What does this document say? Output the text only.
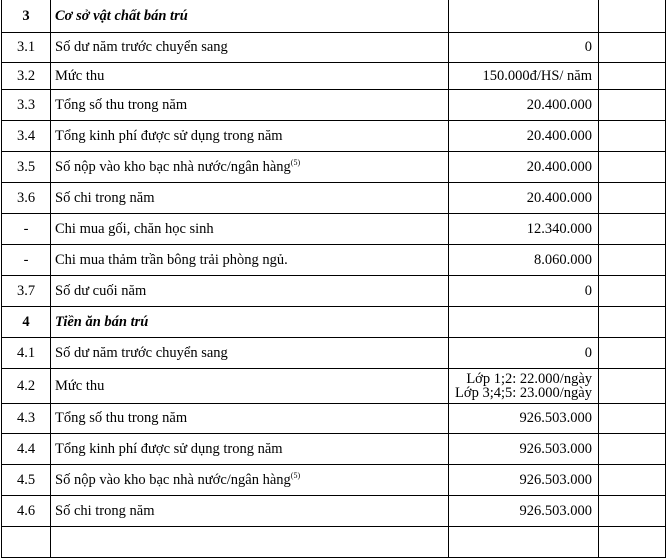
3	Cơ sở vật chất bán trú		
3.1	Số dư năm trước chuyển sang	0	
3.2	Mức thu	150.000đ/HS/ năm	
3.3	Tổng số thu trong năm	20.400.000	
3.4	Tổng kinh phí được sử dụng trong năm	20.400.000	
3.5	Số nộp vào kho bạc nhà nước/ngân hàng$^{(5)}$	20.400.000	
3.6	Số chi trong năm	20.400.000	
-	Chi mua gối, chăn học sinh	12.340.000	
-	Chi mua thảm trần bông trải phòng ngủ.	8.060.000	
3.7	Số dư cuối năm	0	
4	Tiền ăn bán trú		
4.1	Số dư năm trước chuyển sang	0	
4.2	Mức thu	Lớp 1;2: 22.000/ngày
Lớp 3;4;5: 23.000/ngày	

4.3	Tổng số thu trong năm	926.503.000	
4.4	Tổng kinh phí được sử dụng trong năm	926.503.000	
4.5	Số nộp vào kho bạc nhà nước/ngân hàng$^{(5)}$	926.503.000	
4.6	Số chi trong năm	926.503.000	
